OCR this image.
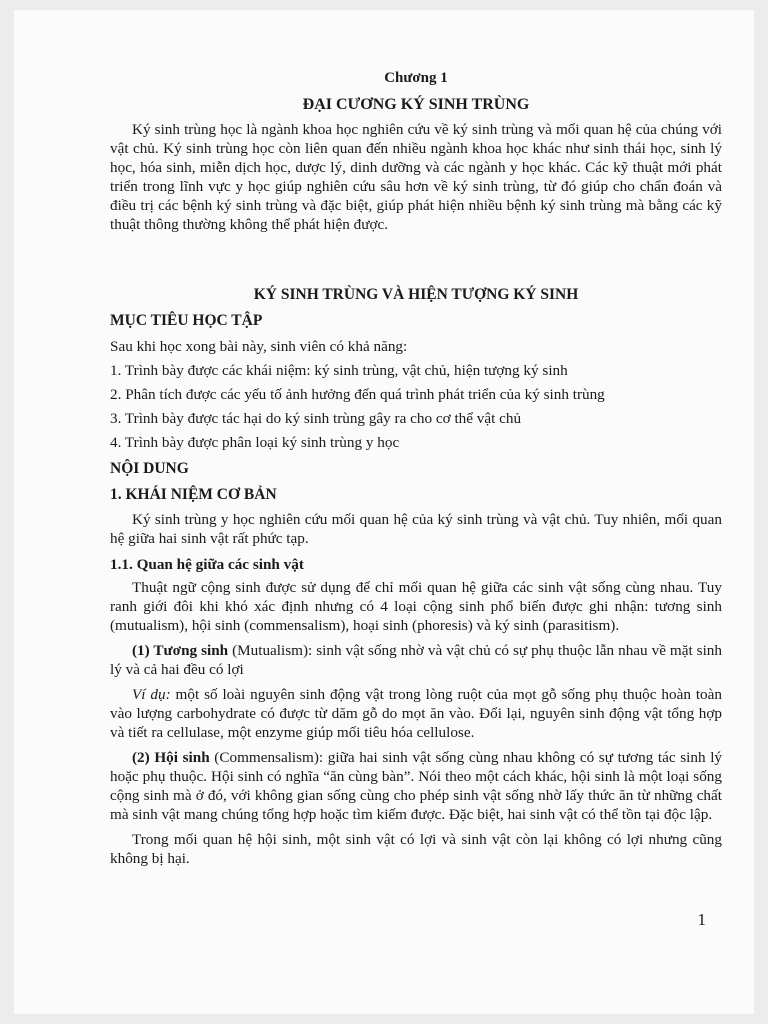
Chương 1
ĐẠI CƯƠNG KÝ SINH TRÙNG

Ký sinh trùng học là ngành khoa học nghiên cứu về ký sinh trùng và mối quan hệ của chúng với vật chủ. Ký sinh trùng học còn liên quan đến nhiều ngành khoa học khác như sinh thái học, sinh lý học, hóa sinh, miễn dịch học, dược lý, dinh dưỡng và các ngành y học khác. Các kỹ thuật mới phát triển trong lĩnh vực y học giúp nghiên cứu sâu hơn về ký sinh trùng, từ đó giúp cho chẩn đoán và điều trị các bệnh ký sinh trùng và đặc biệt, giúp phát hiện nhiều bệnh ký sinh trùng mà bằng các kỹ thuật thông thường không thể phát hiện được.

KÝ SINH TRÙNG VÀ HIỆN TƯỢNG KÝ SINH
MỤC TIÊU HỌC TẬP
Sau khi học xong bài này, sinh viên có khả năng:
1. Trình bày được các khái niệm: ký sinh trùng, vật chủ, hiện tượng ký sinh
2. Phân tích được các yếu tố ảnh hưởng đến quá trình phát triển của ký sinh trùng
3. Trình bày được tác hại do ký sinh trùng gây ra cho cơ thể vật chủ
4. Trình bày được phân loại ký sinh trùng y học
NỘI DUNG
1. KHÁI NIỆM CƠ BẢN

Ký sinh trùng y học nghiên cứu mối quan hệ của ký sinh trùng và vật chủ. Tuy nhiên, mối quan hệ giữa hai sinh vật rất phức tạp.

1.1. Quan hệ giữa các sinh vật

Thuật ngữ cộng sinh được sử dụng để chỉ mối quan hệ giữa các sinh vật sống cùng nhau. Tuy ranh giới đôi khi khó xác định nhưng có 4 loại cộng sinh phổ biến được ghi nhận: tương sinh (mutualism), hội sinh (commensalism), hoại sinh (phoresis) và ký sinh (parasitism).

(1) Tương sinh (Mutualism): sinh vật sống nhờ và vật chủ có sự phụ thuộc lẫn nhau về mặt sinh lý và cả hai đều có lợi

Ví dụ: một số loài nguyên sinh động vật trong lòng ruột của mọt gỗ sống phụ thuộc hoàn toàn vào lượng carbohydrate có được từ dăm gỗ do mọt ăn vào. Đổi lại, nguyên sinh động vật tổng hợp và tiết ra cellulase, một enzyme giúp mối tiêu hóa cellulose.

(2) Hội sinh (Commensalism): giữa hai sinh vật sống cùng nhau không có sự tương tác sinh lý hoặc phụ thuộc. Hội sinh có nghĩa “ăn cùng bàn”. Nói theo một cách khác, hội sinh là một loại sống cộng sinh mà ở đó, với không gian sống cùng cho phép sinh vật sống nhờ lấy thức ăn từ những chất mà sinh vật mang chúng tổng hợp hoặc tìm kiếm được. Đặc biệt, hai sinh vật có thể tồn tại độc lập.

Trong mối quan hệ hội sinh, một sinh vật có lợi và sinh vật còn lại không có lợi nhưng cũng không bị hại.

1
